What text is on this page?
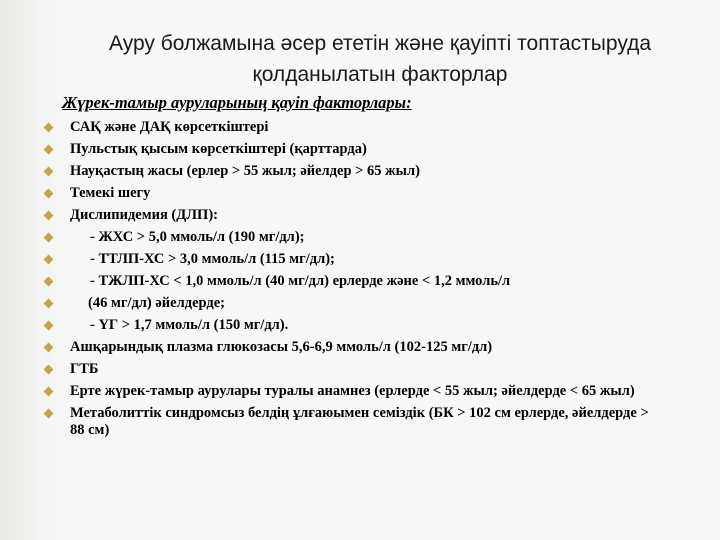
Ауру болжамына әсер ететін және қауіпті топтастыруда
қолданылатын факторлар
Жүрек-тамыр ауруларының қауіп факторлары:
САҚ және ДАҚ көрсеткіштері
Пульстық қысым көрсеткіштері (қарттарда)
Науқастың жасы (ерлер > 55 жыл; әйелдер > 65 жыл)
Темекі шегу
Дислипидемия (ДЛП):
- ЖХС > 5,0 ммоль/л (190 мг/дл);
- ТТЛП-ХС > 3,0 ммоль/л (115 мг/дл);
- ТЖЛП-ХС < 1,0 ммоль/л (40 мг/дл) ерлерде және < 1,2 ммоль/л
(46 мг/дл) әйелдерде;
- ҮГ > 1,7 ммоль/л (150 мг/дл).
Ашқарындық плазма глюкозасы 5,6-6,9 ммоль/л (102-125 мг/дл)
ГТБ
Ерте жүрек-тамыр аурулары туралы анамнез (ерлерде < 55 жыл; әйелдерде < 65 жыл)
Метаболиттік синдромсыз белдің ұлғаюымен семіздік (БК > 102 см ерлерде, әйелдерде > 88 см)
